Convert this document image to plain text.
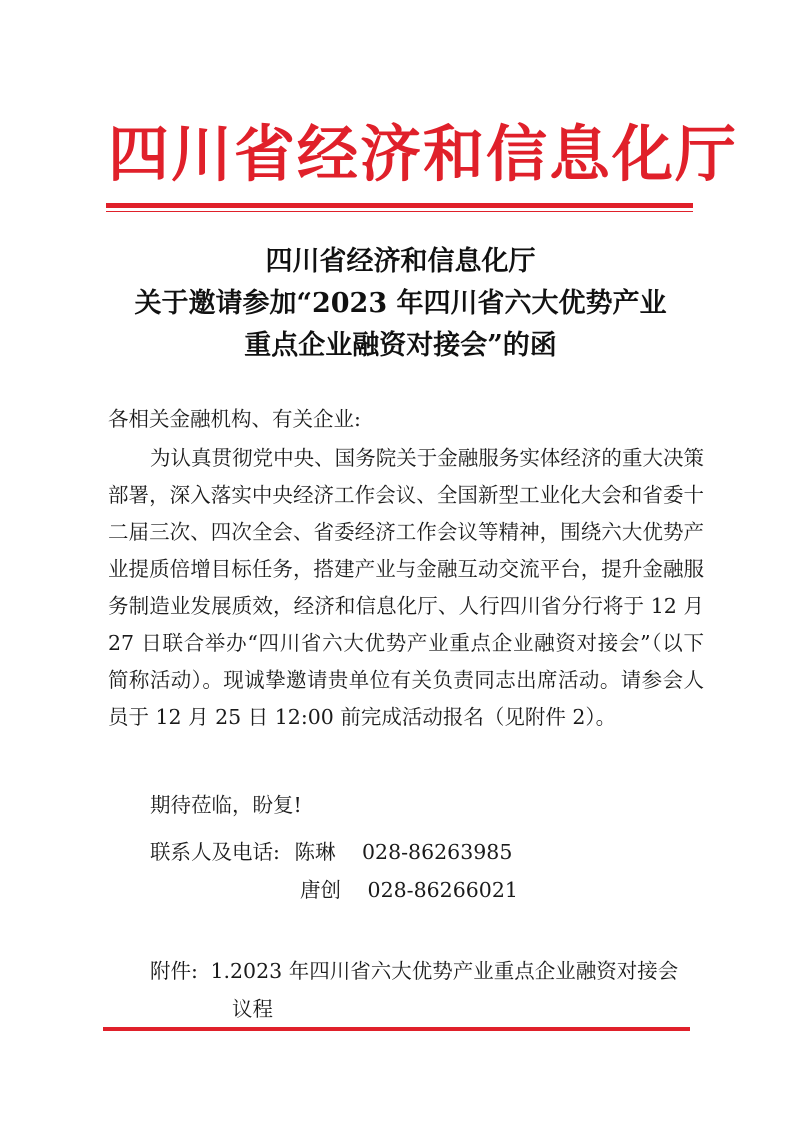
四川省经济和信息化厅
四川省经济和信息化厅
关于邀请参加“2023 年四川省六大优势产业
重点企业融资对接会”的函
各相关金融机构、有关企业:
为认真贯彻党中央、国务院关于金融服务实体经济的重大决策部署，深入落实中央经济工作会议、全国新型工业化大会和省委十二届三次、四次全会、省委经济工作会议等精神，围绕六大优势产业提质倍增目标任务，搭建产业与金融互动交流平台，提升金融服务制造业发展质效，经济和信息化厅、人行四川省分行将于 12 月 27 日联合举办“四川省六大优势产业重点企业融资对接会”（以下简称活动）。现诚挚邀请贵单位有关负责同志出席活动。请参会人员于 12 月 25 日 12:00 前完成活动报名（见附件 2）。
期待莅临，盼复!
联系人及电话: 陈琳 028-86263985
唐创 028-86266021
附件: 1.2023 年四川省六大优势产业重点企业融资对接会
议程
